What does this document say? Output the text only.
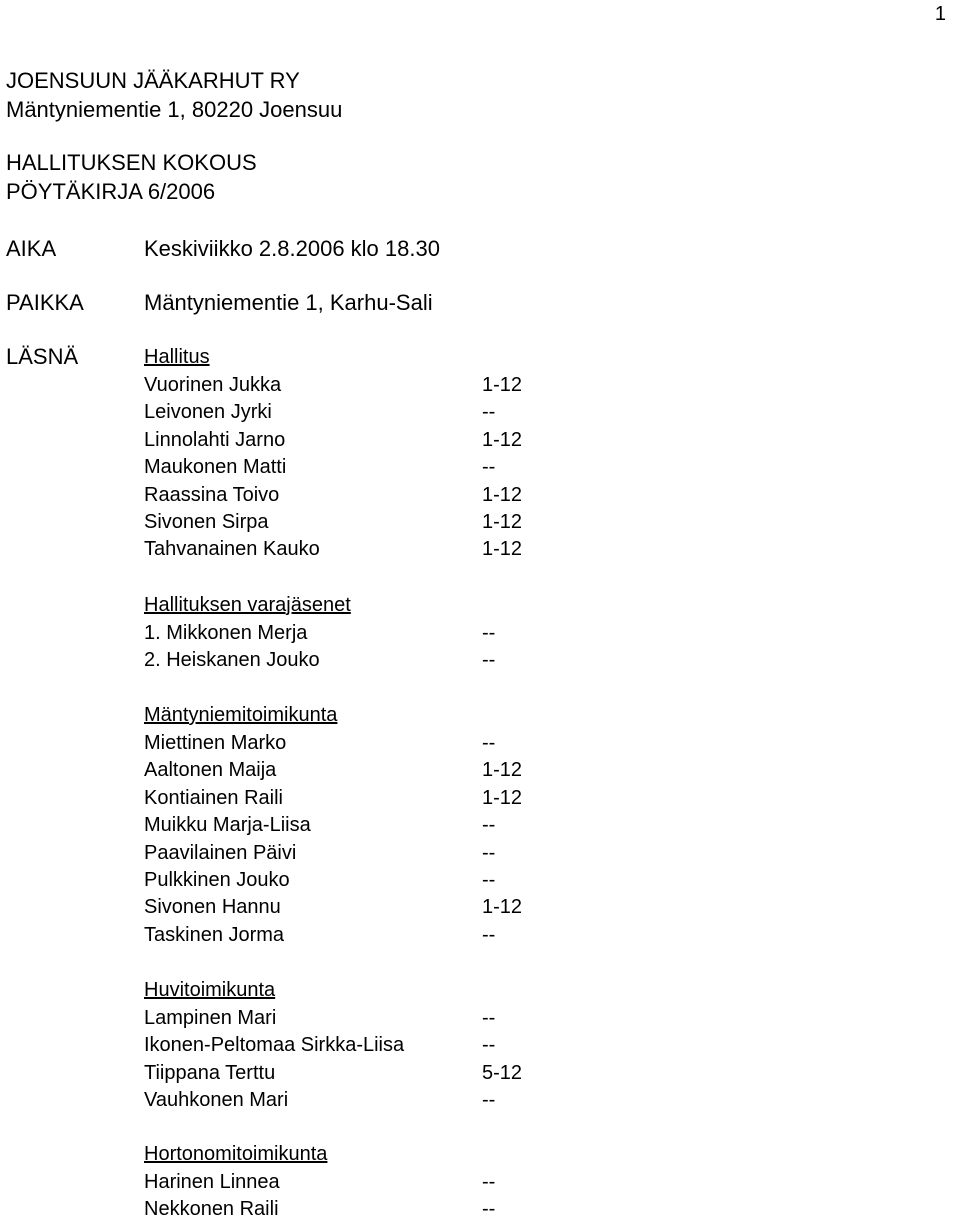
1
JOENSUUN JÄÄKARHUT RY
Mäntyniementie 1, 80220 Joensuu
HALLITUKSEN KOKOUS
PÖYTÄKIRJA 6/2006
AIKA	Keskiviikko 2.8.2006 klo 18.30
PAIKKA	Mäntyniementie 1, Karhu-Sali
LÄSNÄ	Hallitus
Vuorinen Jukka	1-12
Leivonen Jyrki	--
Linnolahti Jarno	1-12
Maukonen Matti	--
Raassina Toivo	1-12
Sivonen Sirpa	1-12
Tahvanainen Kauko	1-12
Hallituksen varajäsenet
1. Mikkonen Merja	--
2. Heiskanen Jouko	--
Mäntyniemitoimikunta
Miettinen Marko	--
Aaltonen Maija	1-12
Kontiainen Raili	1-12
Muikku Marja-Liisa	--
Paavilainen Päivi	--
Pulkkinen Jouko	--
Sivonen Hannu	1-12
Taskinen Jorma	--
Huvitoimikunta
Lampinen Mari	--
Ikonen-Peltomaa Sirkka-Liisa	--
Tiippana Terttu	5-12
Vauhkonen Mari	--
Hortonomitoimikunta
Harinen Linnea	--
Nekkonen Raili	--
